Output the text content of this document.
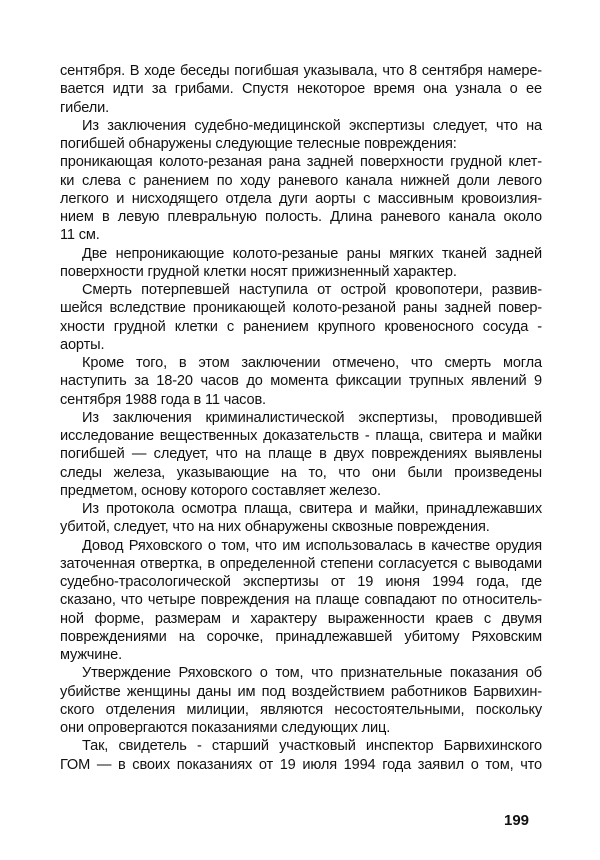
сентября. В ходе беседы погибшая указывала, что 8 сентября намере-
вается идти за грибами. Спустя некоторое время она узнала о ее
гибели.
Из заключения судебно-медицинской экспертизы следует, что на
погибшей обнаружены следующие телесные повреждения:
проникающая колото-резаная рана задней поверхности грудной клет-
ки слева с ранением по ходу раневого канала нижней доли левого
легкого и нисходящего отдела дуги аорты с массивным кровоизлия-
нием в левую плевральную полость. Длина раневого канала около
11 см.
Две непроникающие колото-резаные раны мягких тканей задней
поверхности грудной клетки носят прижизненный характер.
Смерть потерпевшей наступила от острой кровопотери, развив-
шейся вследствие проникающей колото-резаной раны задней повер-
хности грудной клетки с ранением крупного кровеносного сосуда -
аорты.
Кроме того, в этом заключении отмечено, что смерть могла
наступить за 18-20 часов до момента фиксации трупных явлений 9
сентября 1988 года в 11 часов.
Из заключения криминалистической экспертизы, проводившей
исследование вещественных доказательств - плаща, свитера и майки
погибшей — следует, что на плаще в двух повреждениях выявлены
следы железа, указывающие на то, что они были произведены
предметом, основу которого составляет железо.
Из протокола осмотра плаща, свитера и майки, принадлежавших
убитой, следует, что на них обнаружены сквозные повреждения.
Довод Ряховского о том, что им использовалась в качестве орудия
заточенная отвертка, в определенной степени согласуется с выводами
судебно-трасологической экспертизы от 19 июня 1994 года, где
сказано, что четыре повреждения на плаще совпадают по относитель-
ной форме, размерам и характеру выраженности краев с двумя
повреждениями на сорочке, принадлежавшей убитому Ряховским
мужчине.
Утверждение Ряховского о том, что признательные показания об
убийстве женщины даны им под воздействием работников Барвихин-
ского отделения милиции, являются несостоятельными, поскольку
они опровергаются показаниями следующих лиц.
Так, свидетель - старший участковый инспектор Барвихинского
ГОМ — в своих показаниях от 19 июля 1994 года заявил о том, что
199
